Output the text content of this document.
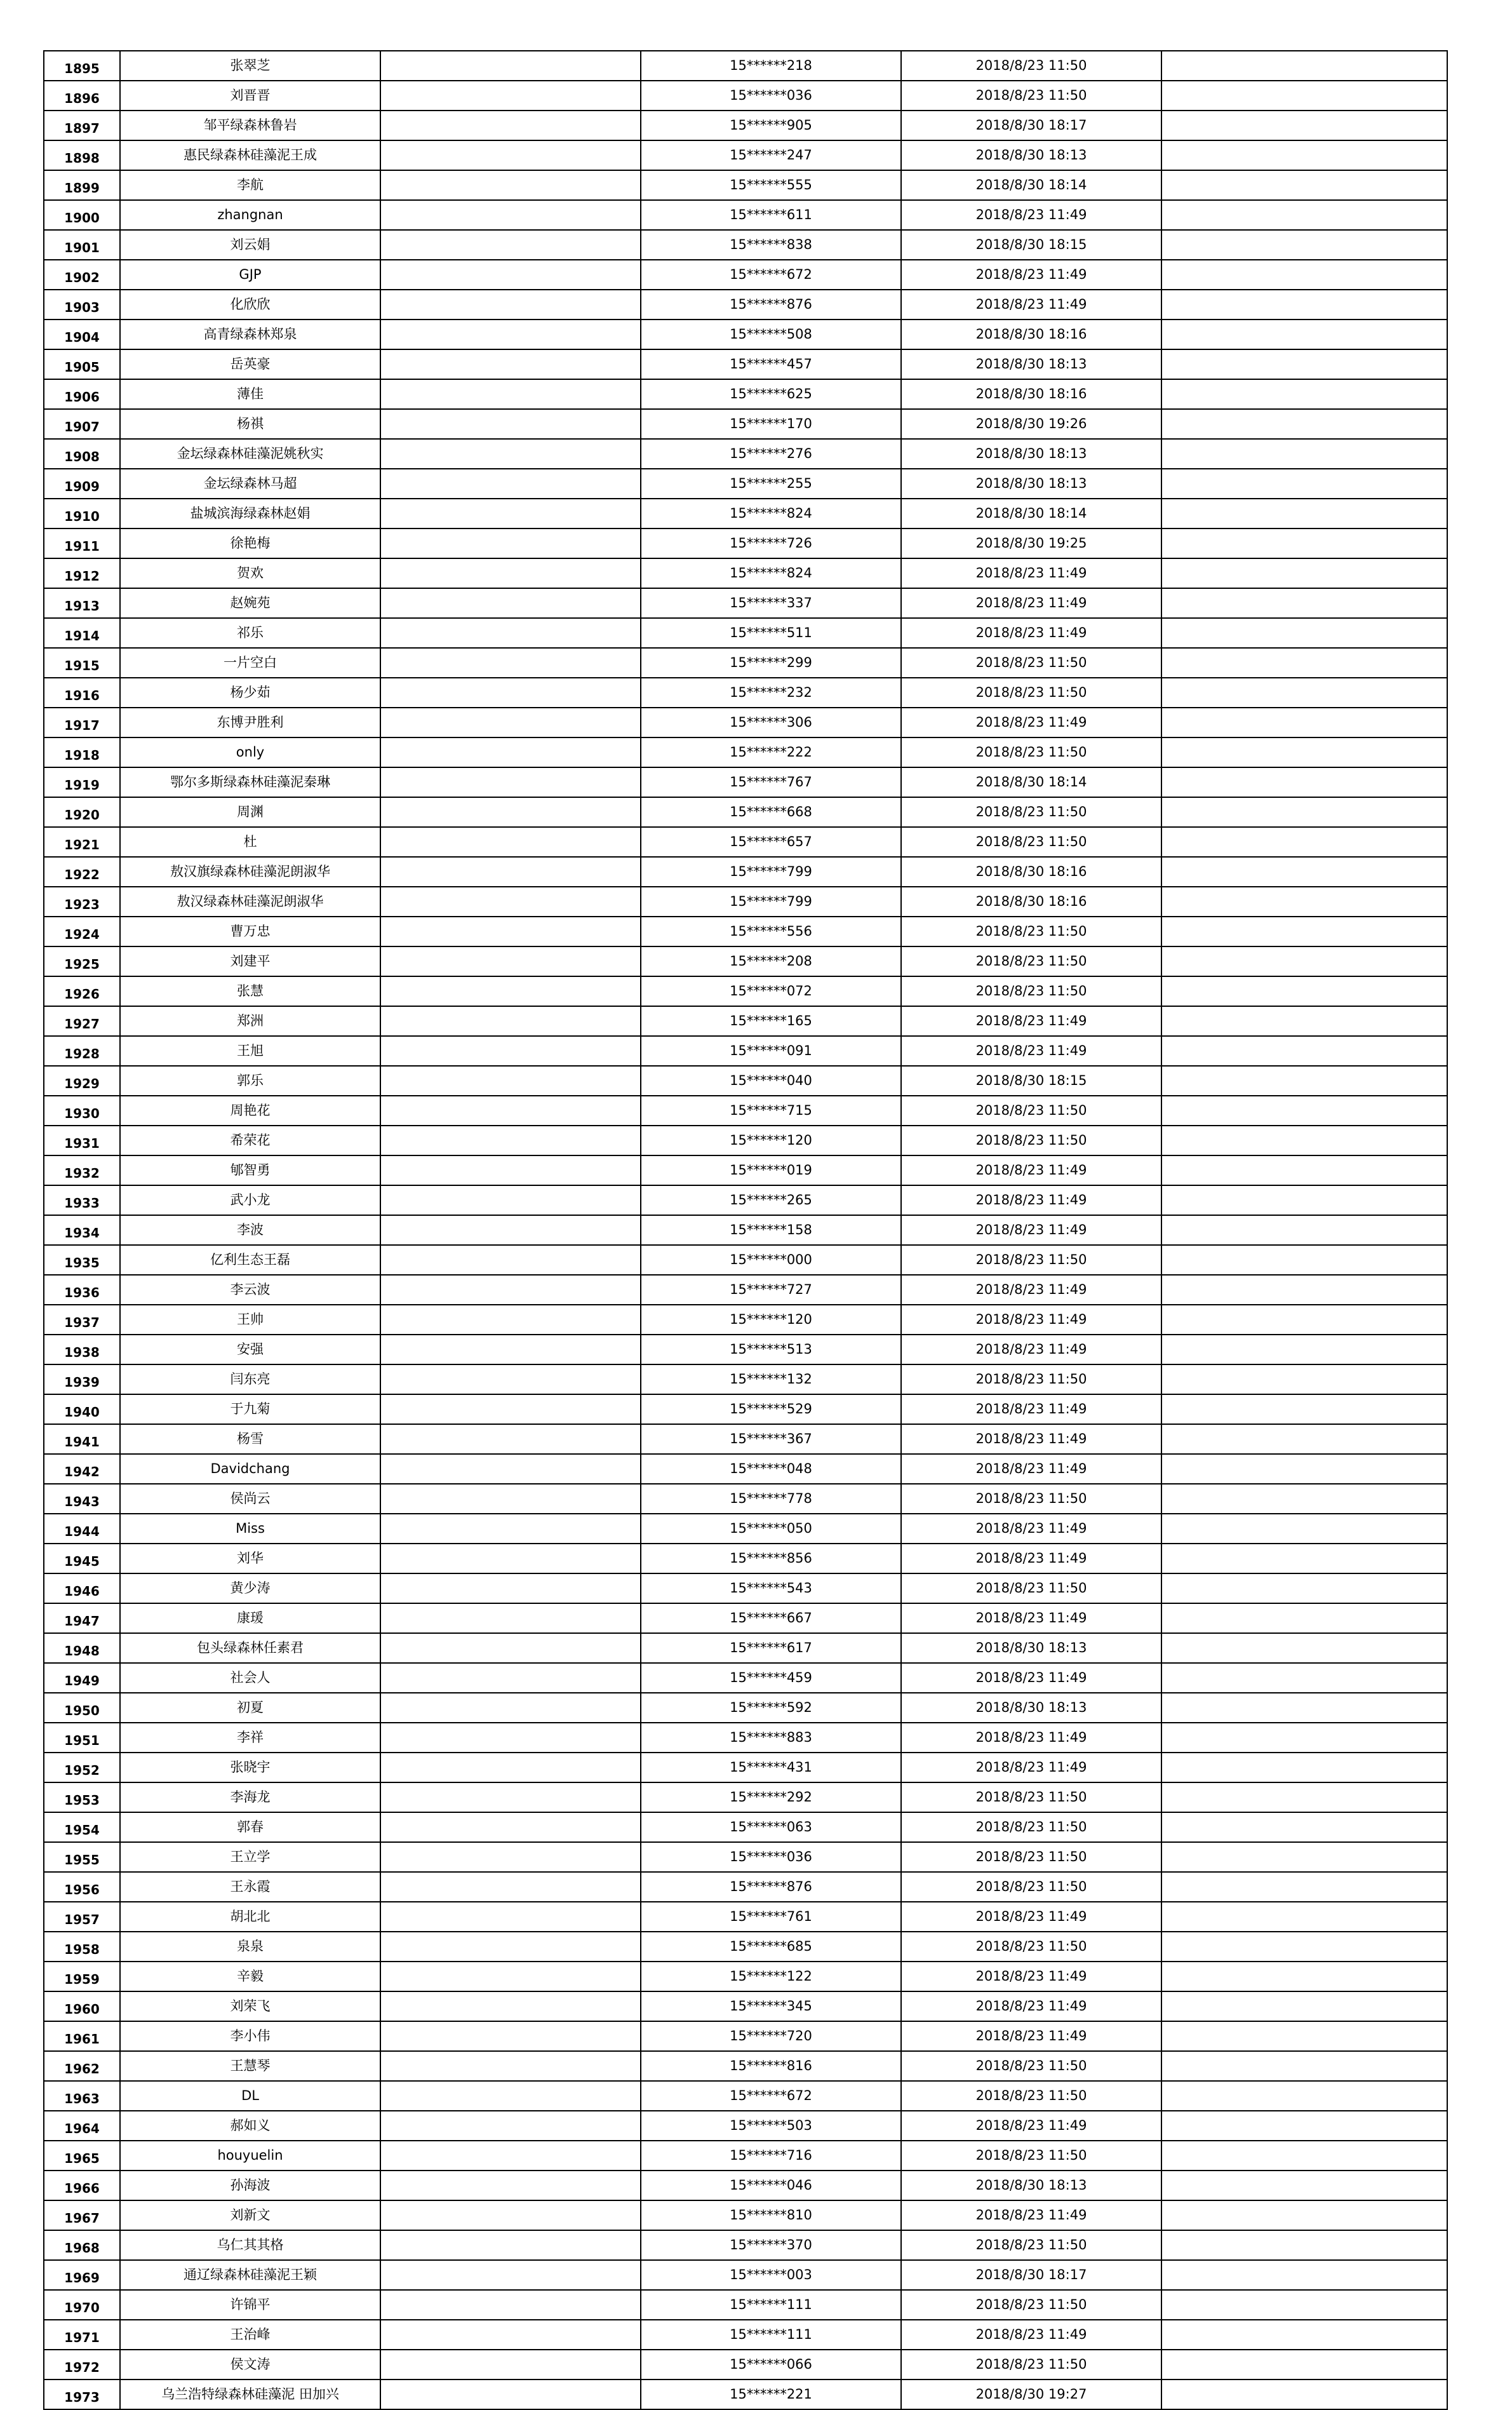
1895	张翠芝		15******218	2018/8/23 11:50	
1896	刘晋晋		15******036	2018/8/23 11:50	
1897	邹平绿森林鲁岩		15******905	2018/8/30 18:17	
1898	惠民绿森林硅藻泥王成		15******247	2018/8/30 18:13	
1899	李航		15******555	2018/8/30 18:14	
1900	zhangnan		15******611	2018/8/23 11:49	
1901	刘云娟		15******838	2018/8/30 18:15	
1902	GJP		15******672	2018/8/23 11:49	
1903	化欣欣		15******876	2018/8/23 11:49	
1904	高青绿森林郑泉		15******508	2018/8/30 18:16	
1905	岳英豪		15******457	2018/8/30 18:13	
1906	薄佳		15******625	2018/8/30 18:16	
1907	杨祺		15******170	2018/8/30 19:26	
1908	金坛绿森林硅藻泥姚秋实		15******276	2018/8/30 18:13	
1909	金坛绿森林马超		15******255	2018/8/30 18:13	
1910	盐城滨海绿森林赵娟		15******824	2018/8/30 18:14	
1911	徐艳梅		15******726	2018/8/30 19:25	
1912	贺欢		15******824	2018/8/23 11:49	
1913	赵婉苑		15******337	2018/8/23 11:49	
1914	祁乐		15******511	2018/8/23 11:49	
1915	一片空白		15******299	2018/8/23 11:50	
1916	杨少茹		15******232	2018/8/23 11:50	
1917	东博尹胜利		15******306	2018/8/23 11:49	
1918	only		15******222	2018/8/23 11:50	
1919	鄂尔多斯绿森林硅藻泥秦琳		15******767	2018/8/30 18:14	
1920	周渊		15******668	2018/8/23 11:50	
1921	杜		15******657	2018/8/23 11:50	
1922	敖汉旗绿森林硅藻泥朗淑华		15******799	2018/8/30 18:16	
1923	敖汉绿森林硅藻泥朗淑华		15******799	2018/8/30 18:16	
1924	曹万忠		15******556	2018/8/23 11:50	
1925	刘建平		15******208	2018/8/23 11:50	
1926	张慧		15******072	2018/8/23 11:50	
1927	郑洲		15******165	2018/8/23 11:49	
1928	王旭		15******091	2018/8/23 11:49	
1929	郭乐		15******040	2018/8/30 18:15	
1930	周艳花		15******715	2018/8/23 11:50	
1931	希荣花		15******120	2018/8/23 11:50	
1932	郇智勇		15******019	2018/8/23 11:49	
1933	武小龙		15******265	2018/8/23 11:49	
1934	李波		15******158	2018/8/23 11:49	
1935	亿利生态王磊		15******000	2018/8/23 11:50	
1936	李云波		15******727	2018/8/23 11:49	
1937	王帅		15******120	2018/8/23 11:49	
1938	安强		15******513	2018/8/23 11:49	
1939	闫东亮		15******132	2018/8/23 11:50	
1940	于九菊		15******529	2018/8/23 11:49	
1941	杨雪		15******367	2018/8/23 11:49	
1942	Davidchang		15******048	2018/8/23 11:49	
1943	侯尚云		15******778	2018/8/23 11:50	
1944	Miss		15******050	2018/8/23 11:49	
1945	刘华		15******856	2018/8/23 11:49	
1946	黄少涛		15******543	2018/8/23 11:50	
1947	康瑗		15******667	2018/8/23 11:49	
1948	包头绿森林任素君		15******617	2018/8/30 18:13	
1949	社会人		15******459	2018/8/23 11:49	
1950	初夏		15******592	2018/8/30 18:13	
1951	李祥		15******883	2018/8/23 11:49	
1952	张晓宇		15******431	2018/8/23 11:49	
1953	李海龙		15******292	2018/8/23 11:50	
1954	郭春		15******063	2018/8/23 11:50	
1955	王立学		15******036	2018/8/23 11:50	
1956	王永霞		15******876	2018/8/23 11:50	
1957	胡北北		15******761	2018/8/23 11:49	
1958	泉泉		15******685	2018/8/23 11:50	
1959	辛毅		15******122	2018/8/23 11:49	
1960	刘荣飞		15******345	2018/8/23 11:49	
1961	李小伟		15******720	2018/8/23 11:49	
1962	王慧琴		15******816	2018/8/23 11:50	
1963	DL		15******672	2018/8/23 11:50	
1964	郝如义		15******503	2018/8/23 11:49	
1965	houyuelin		15******716	2018/8/23 11:50	
1966	孙海波		15******046	2018/8/30 18:13	
1967	刘新文		15******810	2018/8/23 11:49	
1968	乌仁其其格		15******370	2018/8/23 11:50	
1969	通辽绿森林硅藻泥王颖		15******003	2018/8/30 18:17	
1970	许锦平		15******111	2018/8/23 11:50	
1971	王治峰		15******111	2018/8/23 11:49	
1972	侯文涛		15******066	2018/8/23 11:50	
1973	乌兰浩特绿森林硅藻泥 田加兴		15******221	2018/8/30 19:27	
